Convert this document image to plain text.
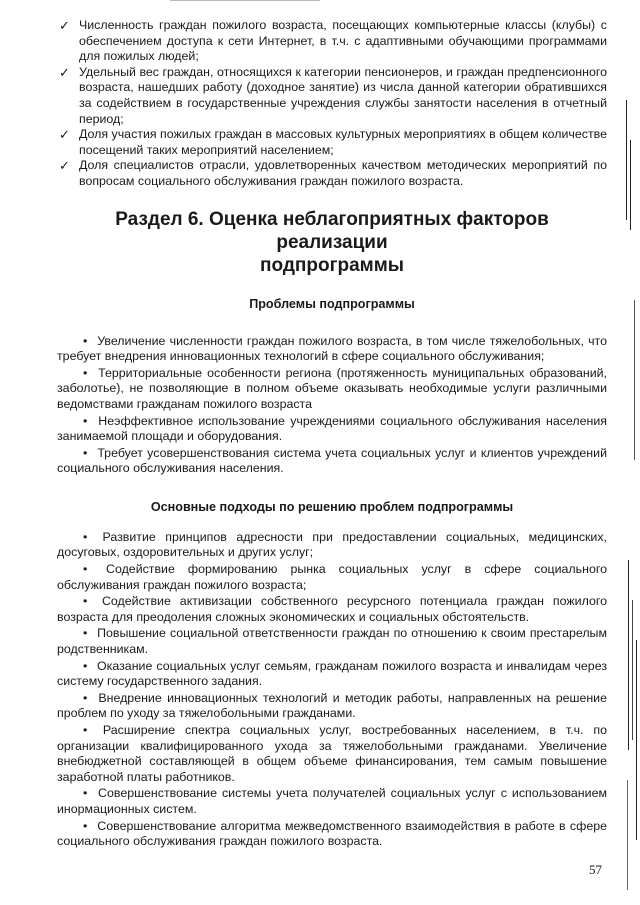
✓ Численность граждан пожилого возраста, посещающих компьютерные классы (клубы) с обеспечением доступа к сети Интернет, в т.ч. с адаптивными обучающими программами для пожилых людей;
✓ Удельный вес граждан, относящихся к категории пенсионеров, и граждан предпенсионного возраста, нашедших работу (доходное занятие) из числа данной категории обратившихся за содействием в государственные учреждения службы занятости населения в отчетный период;
✓ Доля участия пожилых граждан в массовых культурных мероприятиях в общем количестве посещений таких мероприятий населением;
✓ Доля специалистов отрасли, удовлетворенных качеством методических мероприятий по вопросам социального обслуживания граждан пожилого возраста.
Раздел 6. Оценка неблагоприятных факторов реализации
подпрограммы
Проблемы подпрограммы

• Увеличение численности граждан пожилого возраста, в том числе тяжелобольных, что требует внедрения инновационных технологий в сфере социального обслуживания;

• Территориальные особенности региона (протяженность муниципальных образований, заболотье), не позволяющие в полном объеме оказывать необходимые услуги различными ведомствами гражданам пожилого возраста

• Неэффективное использование учреждениями социального обслуживания населения занимаемой площади и оборудования.

• Требует усовершенствования система учета социальных услуг и клиентов учреждений социального обслуживания населения.

Основные подходы по решению проблем подпрограммы

• Развитие принципов адресности при предоставлении социальных, медицинских, досуговых, оздоровительных и других услуг;

• Содействие формированию рынка социальных услуг в сфере социального обслуживания граждан пожилого возраста;

• Содействие активизации собственного ресурсного потенциала граждан пожилого возраста для преодоления сложных экономических и социальных обстоятельств.

• Повышение социальной ответственности граждан по отношению к своим престарелым родственникам.

• Оказание социальных услуг семьям, гражданам пожилого возраста и инвалидам через систему государственного задания.

• Внедрение инновационных технологий и методик работы, направленных на решение проблем по уходу за тяжелобольными гражданами.

• Расширение спектра социальных услуг, востребованных населением, в т.ч. по организации квалифицированного ухода за тяжелобольными гражданами. Увеличение внебюджетной составляющей в общем объеме финансирования, тем самым повышение заработной платы работников.

• Совершенствование системы учета получателей социальных услуг с использованием инормационных систем.

• Совершенствование алгоритма межведомственного взаимодействия в работе в сфере социального обслуживания граждан пожилого возраста.

57
